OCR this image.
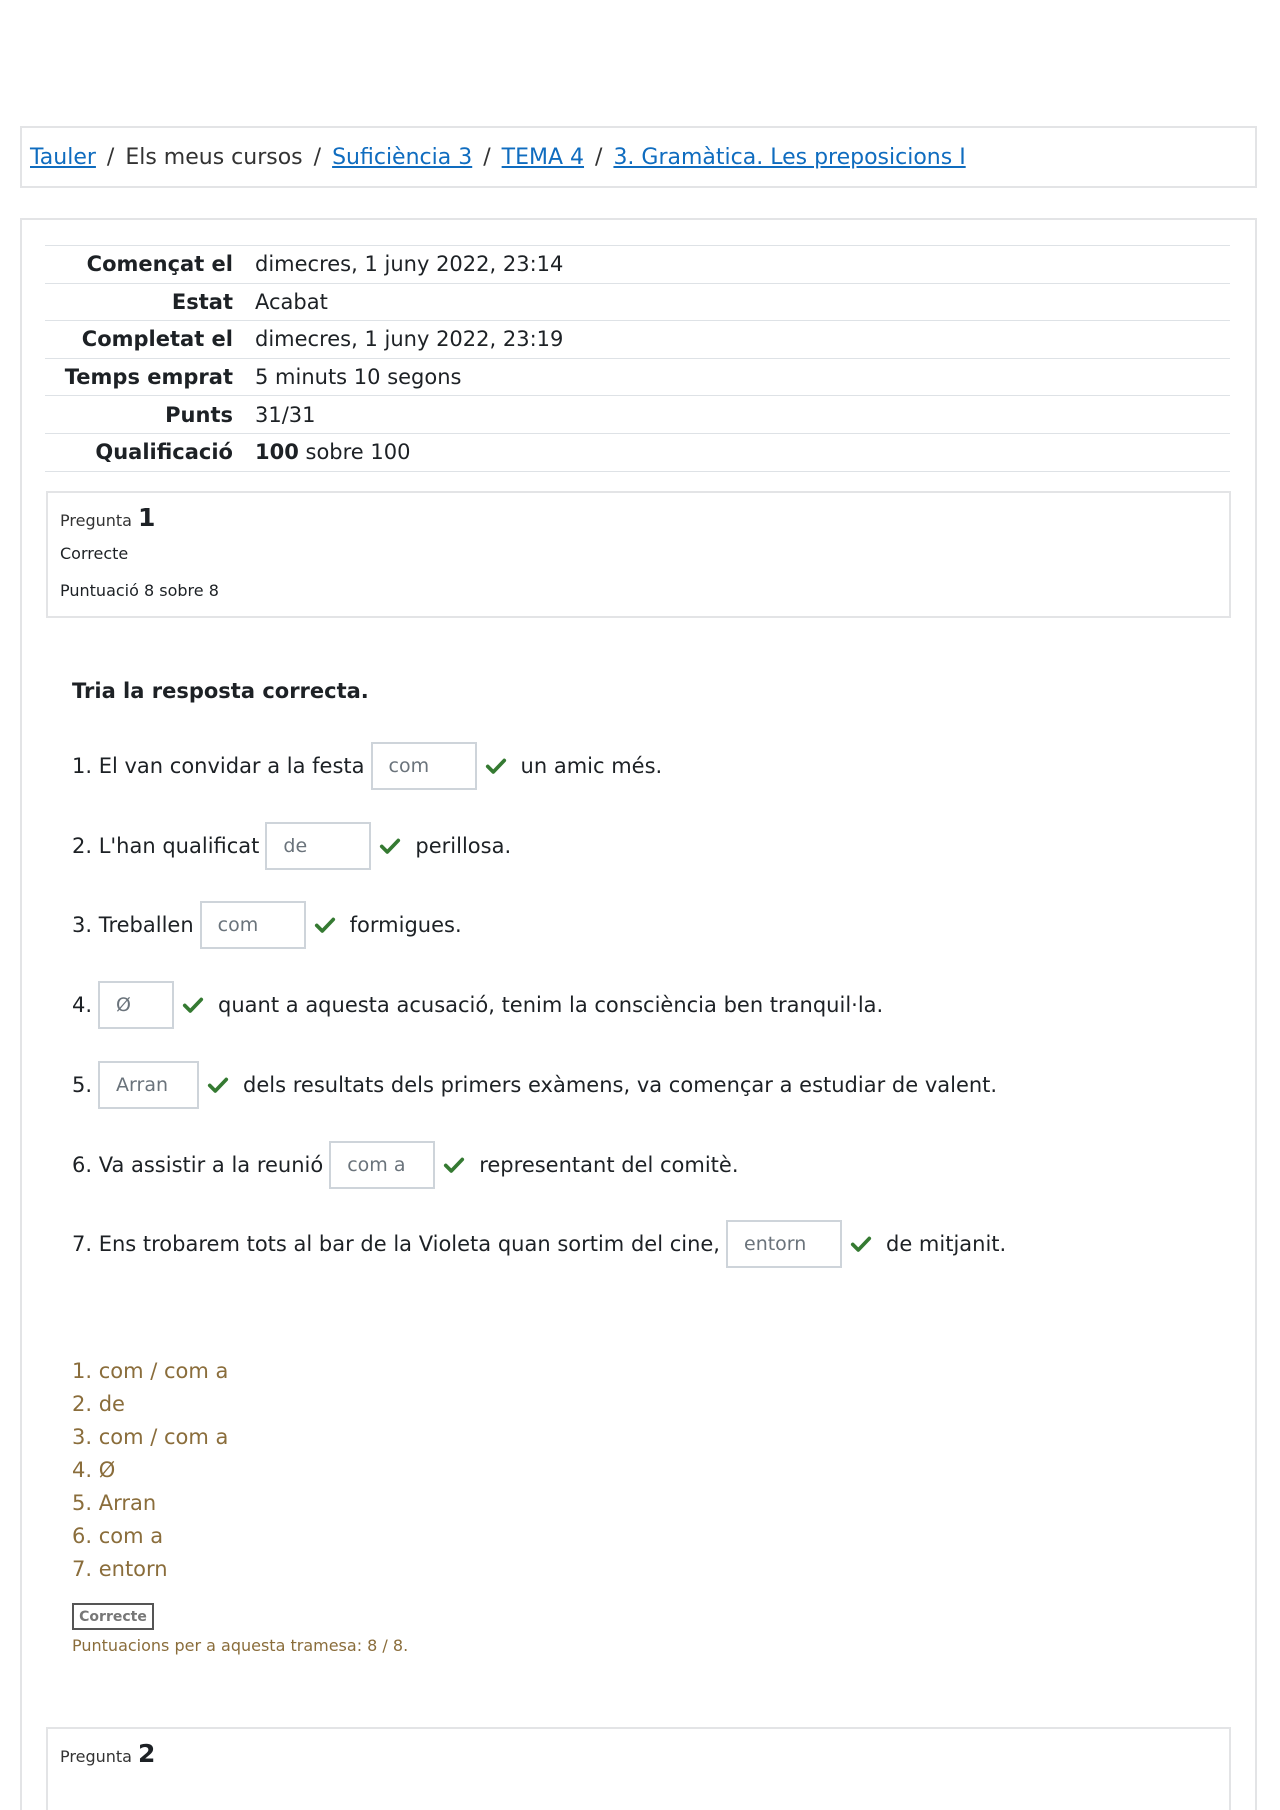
Tauler / Els meus cursos / Suficiència 3 / TEMA 4 / 3. Gramàtica. Les preposicions I
Començat el	dimecres, 1 juny 2022, 23:14
Estat	Acabat
Completat el	dimecres, 1 juny 2022, 23:19
Temps emprat	5 minuts 10 segons
Punts	31/31
Qualificació	100 sobre 100
Pregunta 1
Correcte
Puntuació 8 sobre 8
Tria la resposta correcta.
1. El van convidar a la festa	com	un amic més.
2. L'han qualificat	de	perillosa.
3. Treballen	com	formigues.
4.	Ø	quant a aquesta acusació, tenim la consciència ben tranquil·la.
5.	Arran	dels resultats dels primers exàmens, va començar a estudiar de valent.
6. Va assistir a la reunió	com a	representant del comitè.
7. Ens trobarem tots al bar de la Violeta quan sortim del cine,	entorn	de mitjanit.
1. com / com a
2. de
3. com / com a
4. Ø
5. Arran
6. com a
7. entorn
Correcte
Puntuacions per a aquesta tramesa: 8 / 8.
Pregunta 2
